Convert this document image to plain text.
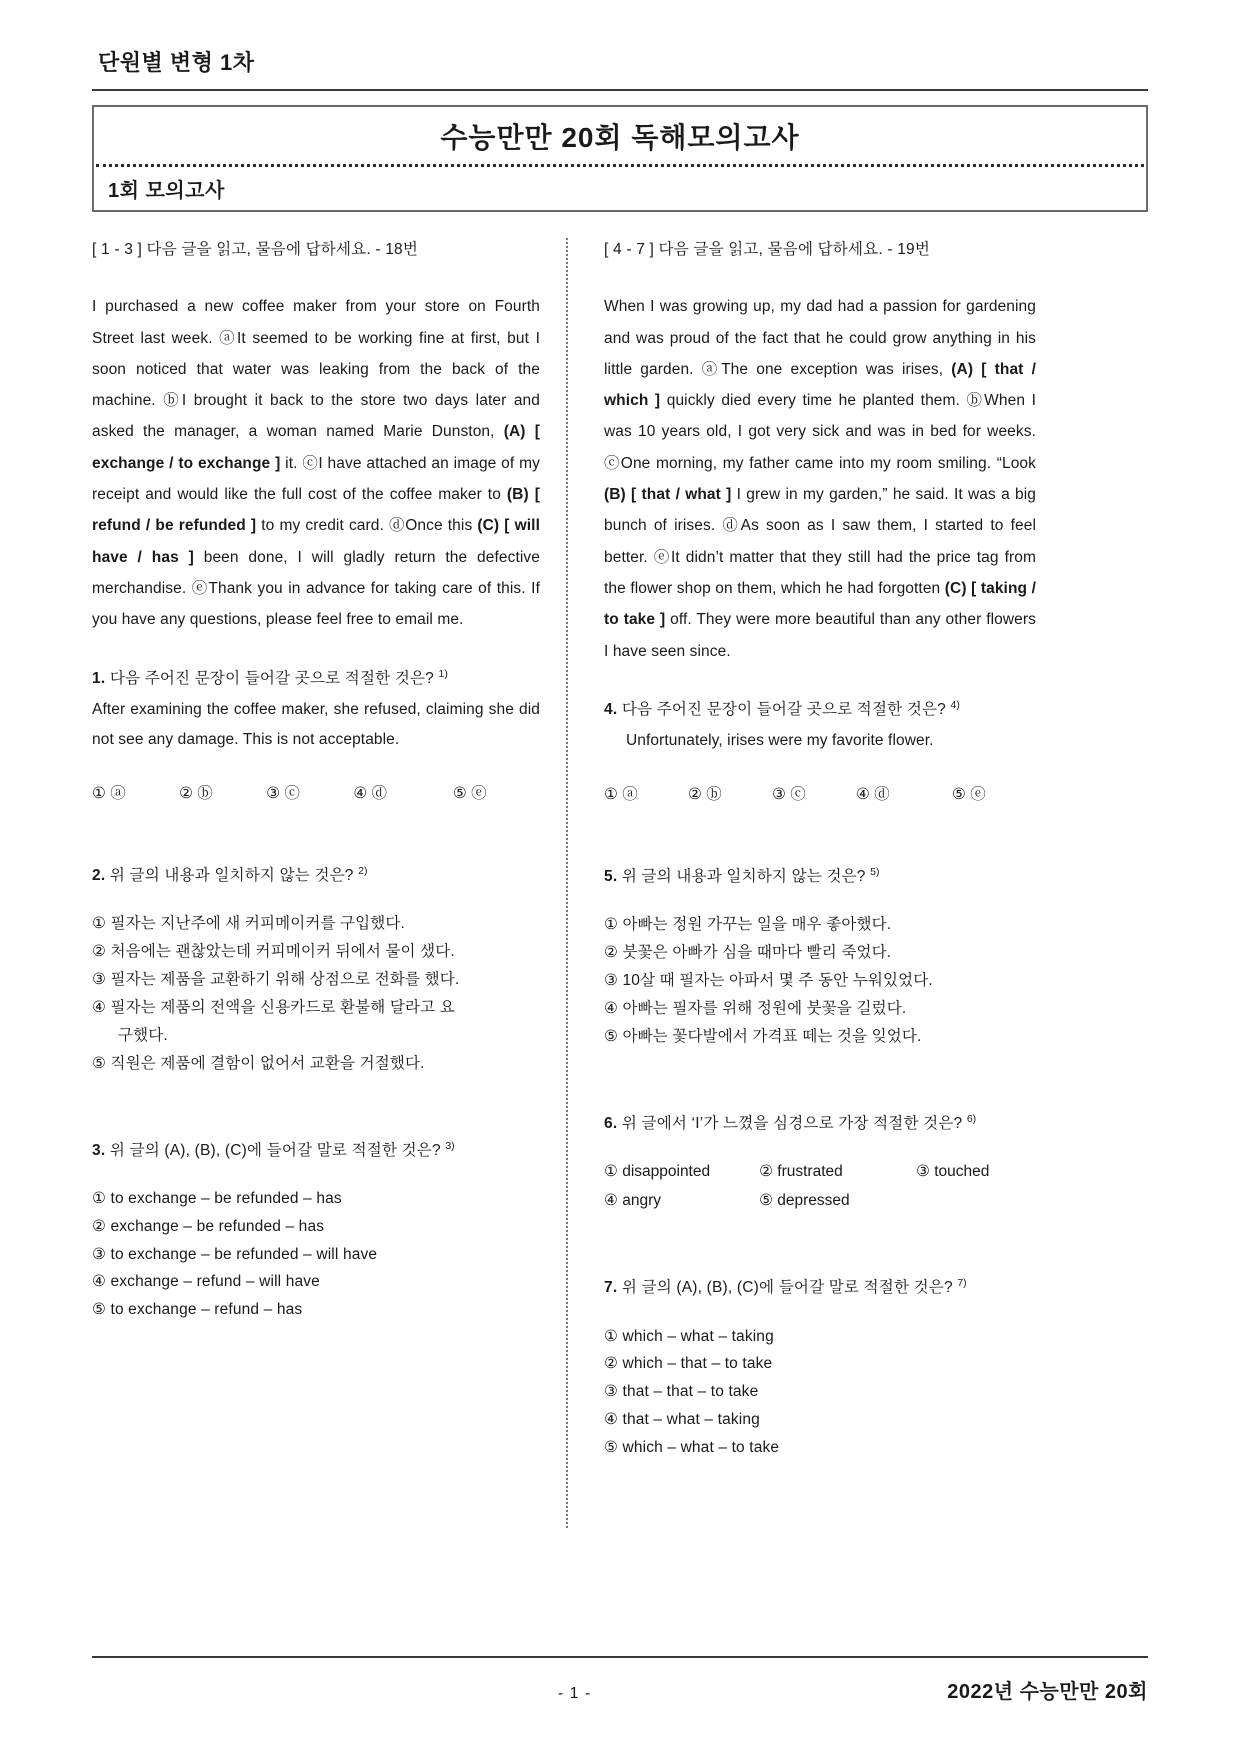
단원별 변형 1차
수능만만 20회 독해모의고사
1회 모의고사
[ 1 - 3 ] 다음 글을 읽고, 물음에 답하세요. - 18번
I purchased a new coffee maker from your store on Fourth Street last week. ⓐIt seemed to be working fine at first, but I soon noticed that water was leaking from the back of the machine. ⓑI brought it back to the store two days later and asked the manager, a woman named Marie Dunston, (A) [ exchange / to exchange ] it. ⓒI have attached an image of my receipt and would like the full cost of the coffee maker to (B) [ refund / be refunded ] to my credit card. ⓓOnce this (C) [ will have / has ] been done, I will gladly return the defective merchandise. ⓔThank you in advance for taking care of this. If you have any questions, please feel free to email me.
1. 다음 주어진 문장이 들어갈 곳으로 적절한 것은? $^{1)}$
After examining the coffee maker, she refused, claiming she did not see any damage. This is not acceptable.
① ⓐ	② ⓑ	③ ⓒ	④ ⓓ	⑤ ⓔ
2. 위 글의 내용과 일치하지 않는 것은? $^{2)}$
① 필자는 지난주에 새 커피메이커를 구입했다.
② 처음에는 괜찮았는데 커피메이커 뒤에서 물이 샜다.
③ 필자는 제품을 교환하기 위해 상점으로 전화를 했다.
④ 필자는 제품의 전액을 신용카드로 환불해 달라고 요
구했다.
⑤ 직원은 제품에 결함이 없어서 교환을 거절했다.
3. 위 글의 (A), (B), (C)에 들어갈 말로 적절한 것은? $^{3)}$
① to exchange – be refunded – has
② exchange – be refunded – has
③ to exchange – be refunded – will have
④ exchange – refund – will have
⑤ to exchange – refund – has
[ 4 - 7 ] 다음 글을 읽고, 물음에 답하세요. - 19번
When I was growing up, my dad had a passion for gardening and was proud of the fact that he could grow anything in his little garden. ⓐThe one exception was irises, (A) [ that / which ] quickly died every time he planted them. ⓑWhen I was 10 years old, I got very sick and was in bed for weeks. ⓒOne morning, my father came into my room smiling. “Look (B) [ that / what ] I grew in my garden,” he said. It was a big bunch of irises. ⓓAs soon as I saw them, I started to feel better. ⓔIt didn’t matter that they still had the price tag from the flower shop on them, which he had forgotten (C) [ taking / to take ] off. They were more beautiful than any other flowers I have seen since.
4. 다음 주어진 문장이 들어갈 곳으로 적절한 것은? $^{4)}$
Unfortunately, irises were my favorite flower.
① ⓐ	② ⓑ	③ ⓒ	④ ⓓ	⑤ ⓔ
5. 위 글의 내용과 일치하지 않는 것은? $^{5)}$
① 아빠는 정원 가꾸는 일을 매우 좋아했다.
② 붓꽃은 아빠가 심을 때마다 빨리 죽었다.
③ 10살 때 필자는 아파서 몇 주 동안 누워있었다.
④ 아빠는 필자를 위해 정원에 붓꽃을 길렀다.
⑤ 아빠는 꽃다발에서 가격표 떼는 것을 잊었다.
6. 위 글에서 ‘I’가 느꼈을 심경으로 가장 적절한 것은? $^{6)}$
① disappointed	② frustrated	③ touched
④ angry	⑤ depressed
7. 위 글의 (A), (B), (C)에 들어갈 말로 적절한 것은? $^{7)}$
① which – what – taking
② which – that – to take
③ that – that – to take
④ that – what – taking
⑤ which – what – to take
- 1 -	2022년 수능만만 20회
